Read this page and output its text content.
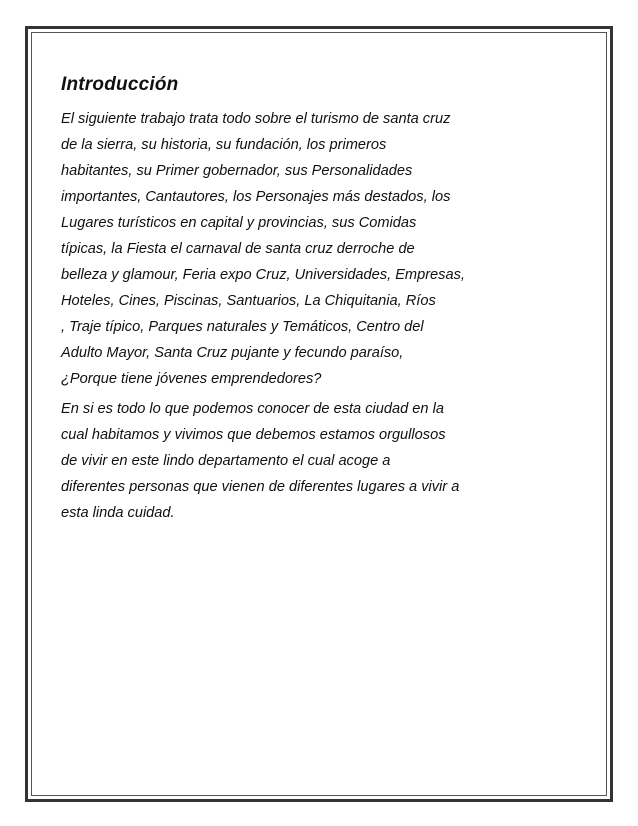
Introducción

El siguiente trabajo trata todo sobre el turismo de santa cruz
de la sierra, su historia, su fundación, los primeros
habitantes, su Primer gobernador, sus Personalidades
importantes, Cantautores, los Personajes más destados, los
Lugares turísticos en capital y provincias, sus Comidas
típicas, la Fiesta el carnaval de santa cruz derroche de
belleza y glamour, Feria expo Cruz, Universidades, Empresas,
Hoteles, Cines, Piscinas, Santuarios, La Chiquitania, Ríos
, Traje típico, Parques naturales y Temáticos, Centro del
Adulto Mayor, Santa Cruz pujante y fecundo paraíso,
¿Porque tiene jóvenes emprendedores?

En si es todo lo que podemos conocer de esta ciudad en la
cual habitamos y vivimos que debemos estamos orgullosos
de vivir en este lindo departamento el cual acoge a
diferentes personas que vienen de diferentes lugares a vivir a
esta linda cuidad.
